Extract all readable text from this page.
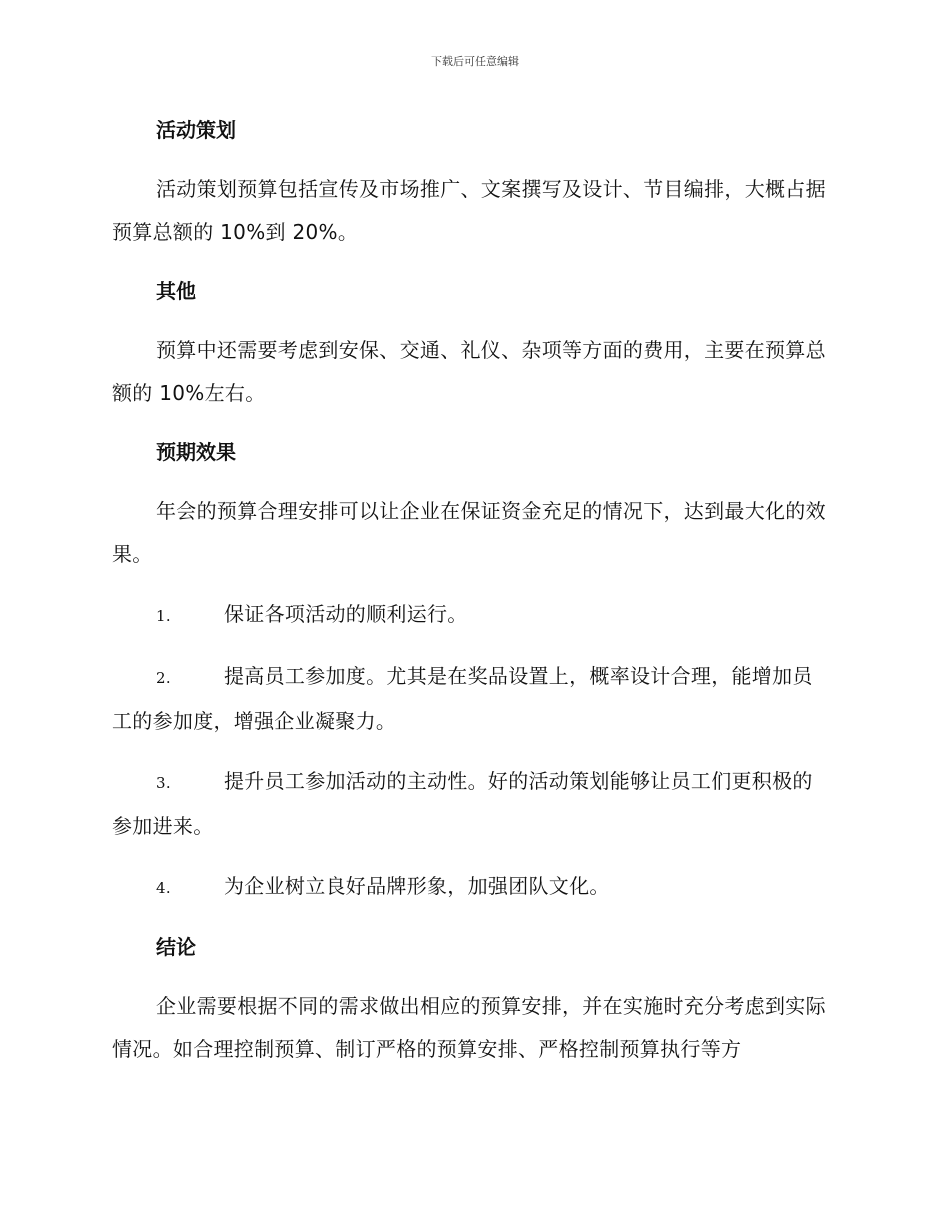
下载后可任意编辑
活动策划
活动策划预算包括宣传及市场推广、文案撰写及设计、节目编排，大概占据预算总额的 10%到 20%。
其他
预算中还需要考虑到安保、交通、礼仪、杂项等方面的费用，主要在预算总额的 10%左右。
预期效果
年会的预算合理安排可以让企业在保证资金充足的情况下，达到最大化的效果。
1.	保证各项活动的顺利运行。
2.	提高员工参加度。尤其是在奖品设置上，概率设计合理，能增加员工的参加度，增强企业凝聚力。
3.	提升员工参加活动的主动性。好的活动策划能够让员工们更积极的参加进来。
4.	为企业树立良好品牌形象，加强团队文化。
结论
企业需要根据不同的需求做出相应的预算安排，并在实施时充分考虑到实际情况。如合理控制预算、制订严格的预算安排、严格控制预算执行等方
